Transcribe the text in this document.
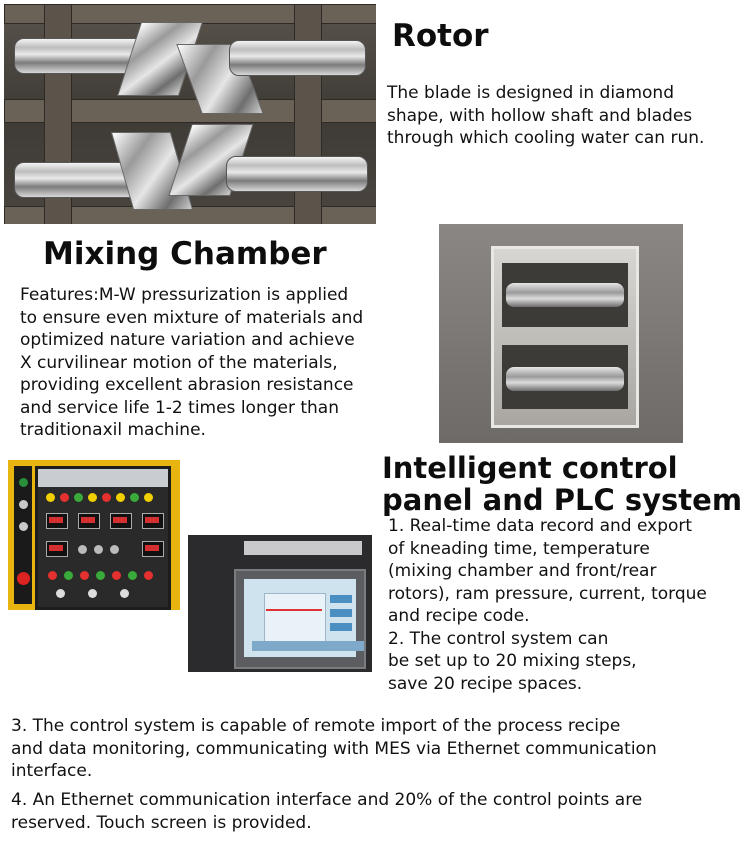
Rotor
The blade is designed in diamond
shape, with hollow shaft and blades
through which cooling water can run.
Mixing Chamber
Features:M-W pressurization is applied
to ensure even mixture of materials and
optimized nature variation and achieve
X curvilinear motion of the materials,
providing excellent abrasion resistance
and service life 1-2 times longer than
traditionaxil machine.
Intelligent control
panel and PLC system
1. Real-time data record and export
of kneading time, temperature
(mixing chamber and front/rear
rotors), ram pressure, current, torque
and recipe code.
2. The control system can
be set up to 20 mixing steps,
save 20 recipe spaces.
3. The control system is capable of remote import of the process recipe
and data monitoring, communicating with MES via Ethernet communication
interface.
4. An Ethernet communication interface and 20% of the control points are
reserved. Touch screen is provided.
